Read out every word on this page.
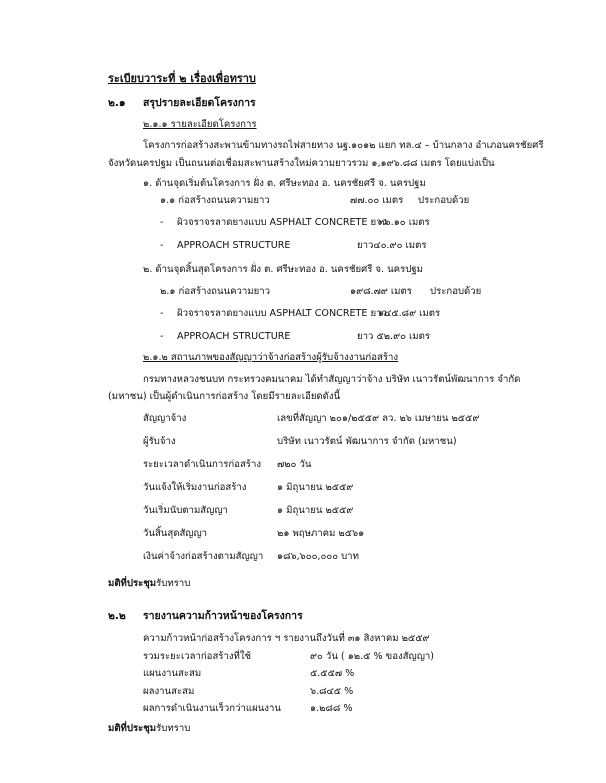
ระเบียบวาระที่ ๒ เรื่องเพื่อทราบ
๒.๑ สรุปรายละเอียดโครงการ
๒.๑.๑ รายละเอียดโครงการ
โครงการก่อสร้างสะพานข้ามทางรถไฟสายทาง นฐ.๑๐๑๒ แยก ทล.๔ – บ้านกลาง อำเภอนครชัยศรี
จังหวัดนครปฐม เป็นถนนต่อเชื่อมสะพานสร้างใหม่ความยาวรวม ๑,๑๙๖.๘๘ เมตร โดยแบ่งเป็น
๑. ด้านจุดเริ่มต้นโครงการ ฝั่ง ต. ศรีษะทอง อ. นครชัยศรี จ. นครปฐม
๑.๑ ก่อสร้างถนนความยาว	๗๗.๐๐ เมตร ประกอบด้วย
- ผิวจราจรลาดยางแบบ ASPHALT CONCRETE ยาว
๓๖.๑๐ เมตร
- APPROACH STRUCTURE	ยาว๔๐.๙๐ เมตร
๒. ด้านจุดสิ้นสุดโครงการ ฝั่ง ต. ศรีษะทอง อ. นครชัยศรี จ. นครปฐม
๒.๑ ก่อสร้างถนนความยาว	๑๙๘.๗๙ เมตร ประกอบด้วย
- ผิวจราจรลาดยางแบบ ASPHALT CONCRETE ยาว
๑๔๕.๘๙ เมตร
- APPROACH STRUCTURE	ยาว ๕๒.๙๐ เมตร
๒.๑.๒ สถานภาพของสัญญาว่าจ้างก่อสร้างผู้รับจ้างงานก่อสร้าง
กรมทางหลวงชนบท กระทรวงคมนาคม ได้ทำสัญญาว่าจ้าง บริษัท เนาวรัตน์พัฒนาการ จำกัด
(มหาชน) เป็นผู้ดำเนินการก่อสร้าง โดยมีรายละเอียดดังนี้
สัญญาจ้าง	เลขที่สัญญา ๒๐๑/๒๕๕๙ ลว. ๒๖ เมษายน ๒๕๕๙
ผู้รับจ้าง	บริษัท เนาวรัตน์ พัฒนาการ จำกัด (มหาชน)
ระยะเวลาดำเนินการก่อสร้าง ๗๒๐ วัน
วันแจ้งให้เริ่มงานก่อสร้าง	๑ มิถุนายน ๒๕๕๙
วันเริ่มนับตามสัญญา	๑ มิถุนายน ๒๕๕๙
วันสิ้นสุดสัญญา	๒๑ พฤษภาคม ๒๕๖๑
เงินค่าจ้างก่อสร้างตามสัญญา ๑๘๖,๖๐๐,๐๐๐ บาท
มติที่ประชุมรับทราบ
๒.๒ รายงานความก้าวหน้าของโครงการ
ความก้าวหน้าก่อสร้างโครงการ ฯ รายงานถึงวันที่ ๓๑ สิงหาคม ๒๕๕๙
รวมระยะเวลาก่อสร้างที่ใช้	๙๐ วัน ( ๑๒.๕ % ของสัญญา)
แผนงานสะสม	๕.๕๕๗ %
ผลงานสะสม	๖.๘๔๕ %
ผลการดำเนินงานเร็วกว่าแผนงาน	๑.๒๘๘ %
มติที่ประชุมรับทราบ
